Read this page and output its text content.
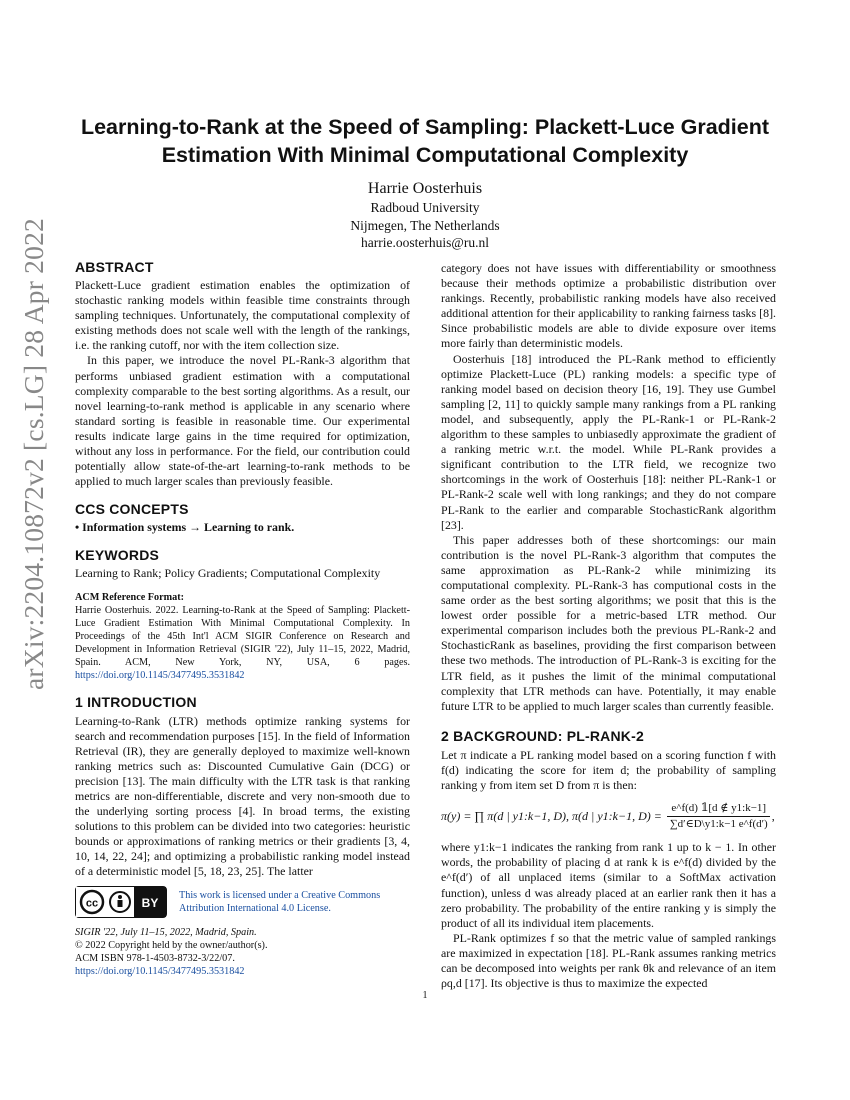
arXiv:2204.10872v2 [cs.LG] 28 Apr 2022
Learning-to-Rank at the Speed of Sampling: Plackett-Luce Gradient Estimation With Minimal Computational Complexity
Harrie Oosterhuis
Radboud University
Nijmegen, The Netherlands
harrie.oosterhuis@ru.nl
ABSTRACT

Plackett-Luce gradient estimation enables the optimization of stochastic ranking models within feasible time constraints through sampling techniques. Unfortunately, the computational complexity of existing methods does not scale well with the length of the rankings, i.e. the ranking cutoff, nor with the item collection size.

In this paper, we introduce the novel PL-Rank-3 algorithm that performs unbiased gradient estimation with a computational complexity comparable to the best sorting algorithms. As a result, our novel learning-to-rank method is applicable in any scenario where standard sorting is feasible in reasonable time. Our experimental results indicate large gains in the time required for optimization, without any loss in performance. For the field, our contribution could potentially allow state-of-the-art learning-to-rank methods to be applied to much larger scales than previously feasible.

CCS CONCEPTS

• Information systems → Learning to rank.

KEYWORDS

Learning to Rank; Policy Gradients; Computational Complexity

ACM Reference Format:
Harrie Oosterhuis. 2022. Learning-to-Rank at the Speed of Sampling: Plackett-Luce Gradient Estimation With Minimal Computational Complexity. In Proceedings of the 45th Int'l ACM SIGIR Conference on Research and Development in Information Retrieval (SIGIR '22), July 11–15, 2022, Madrid, Spain. ACM, New York, NY, USA, 6 pages. https://doi.org/10.1145/3477495.3531842
1 INTRODUCTION

Learning-to-Rank (LTR) methods optimize ranking systems for search and recommendation purposes [15]. In the field of Information Retrieval (IR), they are generally deployed to maximize well-known ranking metrics such as: Discounted Cumulative Gain (DCG) or precision [13]. The main difficulty with the LTR task is that ranking metrics are non-differentiable, discrete and very non-smooth due to the underlying sorting process [4]. In broad terms, the existing solutions to this problem can be divided into two categories: heuristic bounds or approximations of ranking metrics or their gradients [3, 4, 10, 14, 22, 24]; and optimizing a probabilistic ranking model instead of a deterministic model [5, 18, 23, 25]. The latter

cc	BY
This work is licensed under a Creative Commons Attribution International 4.0 License.
SIGIR '22, July 11–15, 2022, Madrid, Spain.
© 2022 Copyright held by the owner/author(s).
ACM ISBN 978-1-4503-8732-3/22/07.
https://doi.org/10.1145/3477495.3531842

category does not have issues with differentiability or smoothness because their methods optimize a probabilistic distribution over rankings. Recently, probabilistic ranking models have also received additional attention for their applicability to ranking fairness tasks [8]. Since probabilistic models are able to divide exposure over items more fairly than deterministic models.

Oosterhuis [18] introduced the PL-Rank method to efficiently optimize Plackett-Luce (PL) ranking models: a specific type of ranking model based on decision theory [16, 19]. They use Gumbel sampling [2, 11] to quickly sample many rankings from a PL ranking model, and subsequently, apply the PL-Rank-1 or PL-Rank-2 algorithm to these samples to unbiasedly approximate the gradient of a ranking metric w.r.t. the model. While PL-Rank provides a significant contribution to the LTR field, we recognize two shortcomings in the work of Oosterhuis [18]: neither PL-Rank-1 or PL-Rank-2 scale well with long rankings; and they do not compare PL-Rank to the earlier and comparable StochasticRank algorithm [23].

This paper addresses both of these shortcomings: our main contribution is the novel PL-Rank-3 algorithm that computes the same approximation as PL-Rank-2 while minimizing its computational complexity. PL-Rank-3 has computional costs in the same order as the best sorting algorithms; we posit that this is the lowest order possible for a metric-based LTR method. Our experimental comparison includes both the previous PL-Rank-2 and StochasticRank as baselines, providing the first comparison between these two methods. The introduction of PL-Rank-3 is exciting for the LTR field, as it pushes the limit of the minimal computational complexity that LTR methods can have. Potentially, it may enable future LTR to be applied to much larger scales than currently feasible.

2 BACKGROUND: PL-RANK-2

Let π indicate a PL ranking model based on a scoring function f with f(d) indicating the score for item d; the probability of sampling ranking y from item set D from π is then:

π(y) = ∏ π(d | y1:k−1, D), π(d | y1:k−1, $D) = \frac{e\^{}f(d) 𝟙[d \notin y1:k-1]}{\sum d'\in D\backslash y1:k-1 e\^{}f(d')}$ ,

where y1:k−1 indicates the ranking from rank 1 up to k − 1. In other words, the probability of placing d at rank k is e^f(d) divided by the e^f(d′) of all unplaced items (similar to a SoftMax activation function), unless d was already placed at an earlier rank then it has a zero probability. The probability of the entire ranking y is simply the product of all its individual item placements.

PL-Rank optimizes f so that the metric value of sampled rankings are maximized in expectation [18]. PL-Rank assumes ranking metrics can be decomposed into weights per rank θk and relevance of an item ρq,d [17]. Its objective is thus to maximize the expected

1
